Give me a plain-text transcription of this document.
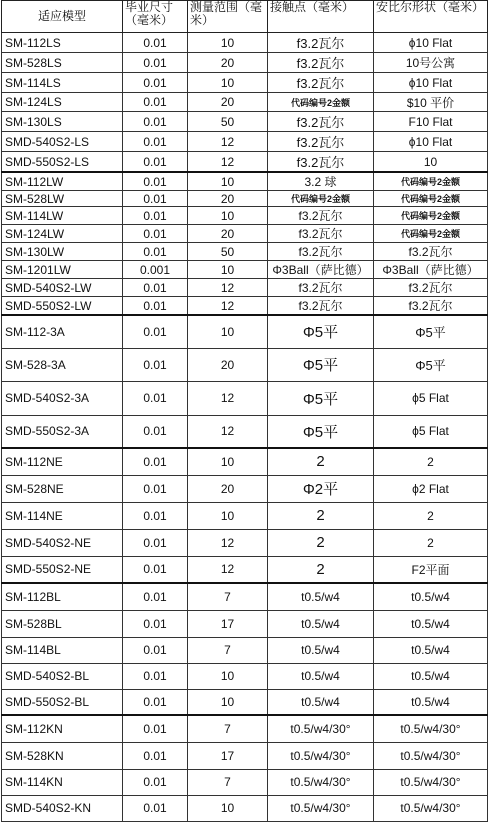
适应模型	毕业尺寸（毫米）	测量范围（毫米）	接触点（毫米）	安比尔形状（毫米）
SM-112LS	0.01	10	f3.2瓦尔	ϕ10 Flat
SM-528LS	0.01	20	f3.2瓦尔	10号公寓
SM-114LS	0.01	10	f3.2瓦尔	ϕ10 Flat
SM-124LS	0.01	20	代码编号2金额	$10 平价
SM-130LS	0.01	50	f3.2瓦尔	F10 Flat
SMD-540S2-LS	0.01	12	f3.2瓦尔	ϕ10 Flat
SMD-550S2-LS	0.01	12	f3.2瓦尔	10
SM-112LW	0.01	10	3.2 球	代码编号2金额
SM-528LW	0.01	20	代码编号2金额	代码编号2金额
SM-114LW	0.01	10	f3.2瓦尔	代码编号2金额
SM-124LW	0.01	20	f3.2瓦尔	代码编号2金额
SM-130LW	0.01	50	f3.2瓦尔	f3.2瓦尔
SM-1201LW	0.001	10	Φ3Ball（萨比德）	Φ3Ball（萨比德）
SMD-540S2-LW	0.01	12	f3.2瓦尔	f3.2瓦尔
SMD-550S2-LW	0.01	12	f3.2瓦尔	f3.2瓦尔
SM-112-3A	0.01	10	Φ5平	Φ5平
SM-528-3A	0.01	20	Φ5平	Φ5平
SMD-540S2-3A	0.01	12	Φ5平	ϕ5 Flat
SMD-550S2-3A	0.01	12	Φ5平	ϕ5 Flat
SM-112NE	0.01	10	2	2
SM-528NE	0.01	20	Φ2平	ϕ2 Flat
SM-114NE	0.01	10	2	2
SMD-540S2-NE	0.01	12	2	2
SMD-550S2-NE	0.01	12	2	F2平面
SM-112BL	0.01	7	t0.5/w4	t0.5/w4
SM-528BL	0.01	17	t0.5/w4	t0.5/w4
SM-114BL	0.01	7	t0.5/w4	t0.5/w4
SMD-540S2-BL	0.01	10	t0.5/w4	t0.5/w4
SMD-550S2-BL	0.01	10	t0.5/w4	t0.5/w4
SM-112KN	0.01	7	t0.5/w4/30°	t0.5/w4/30°
SM-528KN	0.01	17	t0.5/w4/30°	t0.5/w4/30°
SM-114KN	0.01	7	t0.5/w4/30°	t0.5/w4/30°
SMD-540S2-KN	0.01	10	t0.5/w4/30°	t0.5/w4/30°
